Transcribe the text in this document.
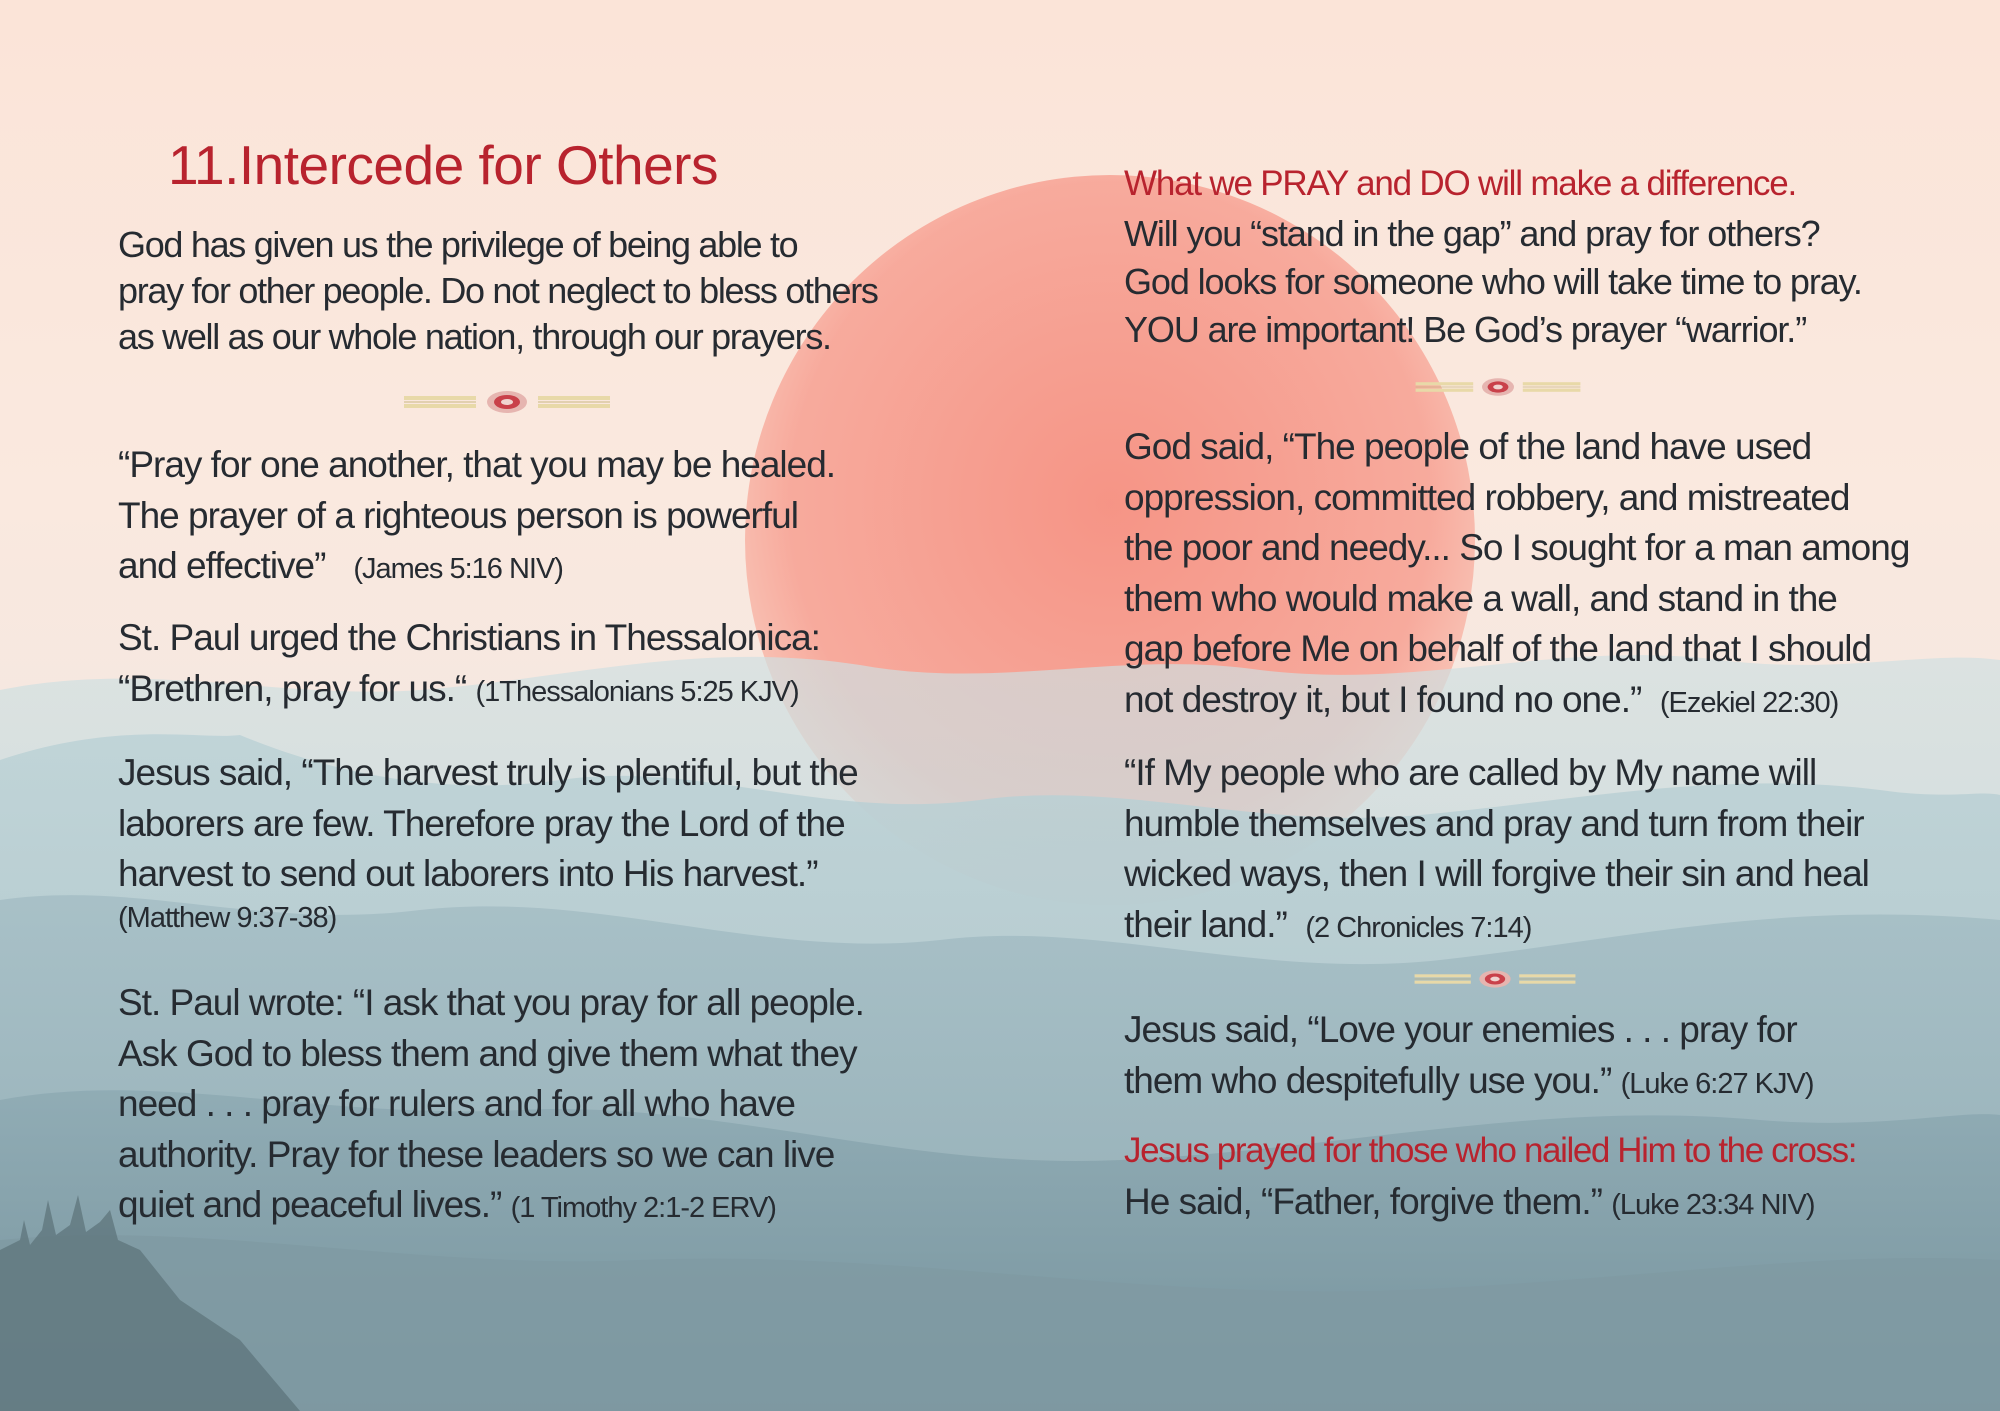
11.Intercede for Others

God has given us the privilege of being able to
pray for other people. Do not neglect to bless others
as well as our whole nation, through our prayers.

“Pray for one another, that you may be healed.
The prayer of a righteous person is powerful
and effective” (James 5:16 NIV)

St. Paul urged the Christians in Thessalonica:
“Brethren, pray for us.“ (1Thessalonians 5:25 KJV)

Jesus said, “The harvest truly is plentiful, but the
laborers are few. Therefore pray the Lord of the
harvest to send out laborers into His harvest.”
(Matthew 9:37-38)

St. Paul wrote: “I ask that you pray for all people.
Ask God to bless them and give them what they
need . . . pray for rulers and for all who have
authority. Pray for these leaders so we can live
quiet and peaceful lives.” (1 Timothy 2:1-2 ERV)

What we PRAY and DO will make a difference.

Will you “stand in the gap” and pray for others?
God looks for someone who will take time to pray.
YOU are important! Be God’s prayer “warrior.”

God said, “The people of the land have used
oppression, committed robbery, and mistreated
the poor and needy... So I sought for a man among
them who would make a wall, and stand in the
gap before Me on behalf of the land that I should
not destroy it, but I found no one.” (Ezekiel 22:30)

“If My people who are called by My name will
humble themselves and pray and turn from their
wicked ways, then I will forgive their sin and heal
their land.” (2 Chronicles 7:14)

Jesus said, “Love your enemies . . . pray for
them who despitefully use you.” (Luke 6:27 KJV)

Jesus prayed for those who nailed Him to the cross:
He said, “Father, forgive them.” (Luke 23:34 NIV)
